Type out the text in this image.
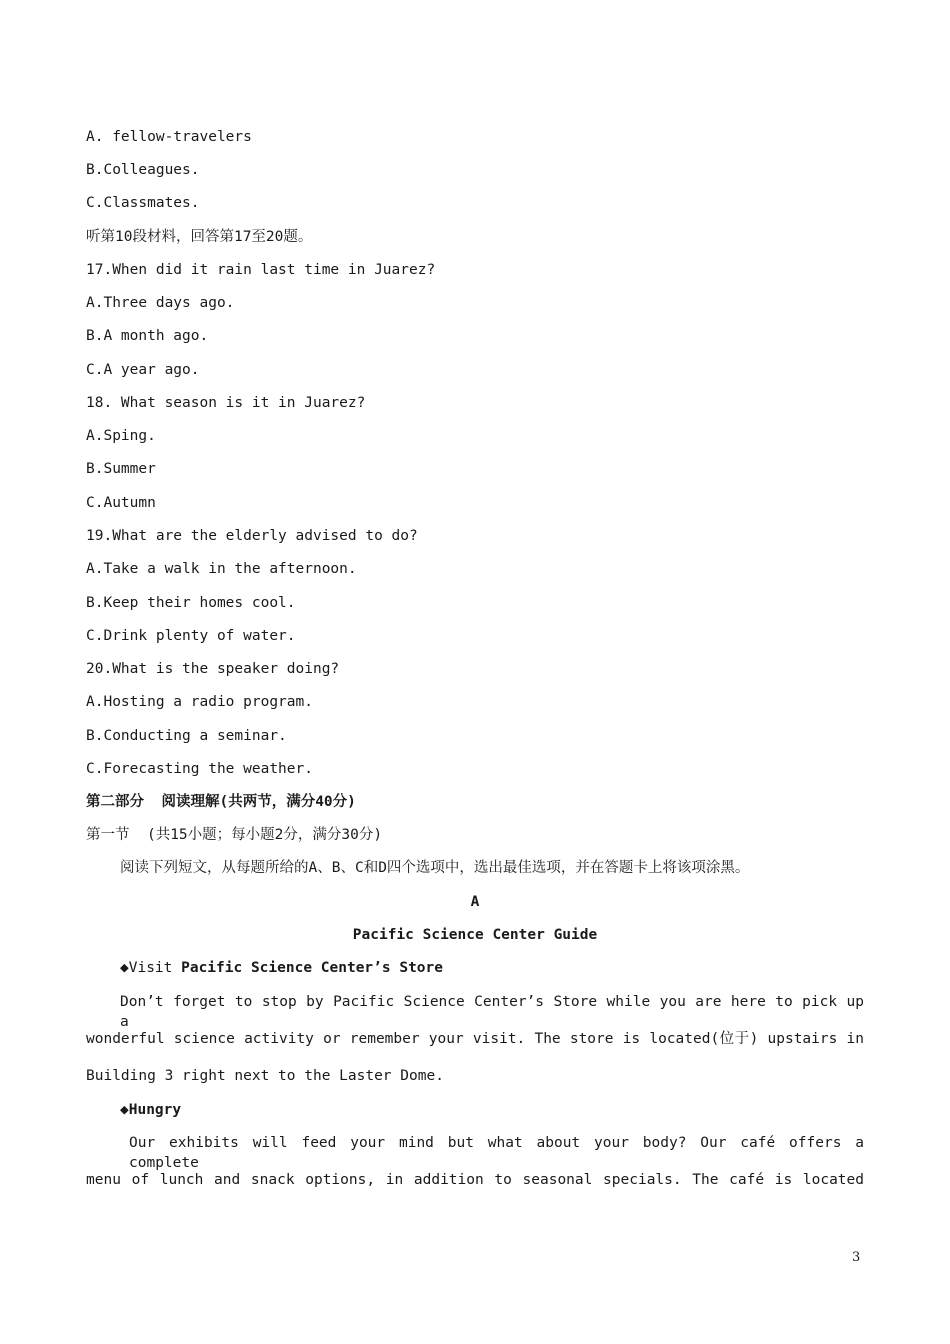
A. fellow-travelers
B.Colleagues.
C.Classmates.
听第10段材料，回答第17至20题。
17.When did it rain last time in Juarez?
A.Three days ago.
B.A month ago.
C.A year ago.
18. What season is it in Juarez?
A.Sping.
B.Summer
C.Autumn
19.What are the elderly advised to do?
A.Take a walk in the afternoon.
B.Keep their homes cool.
C.Drink plenty of water.
20.What is the speaker doing?
A.Hosting a radio program.
B.Conducting a seminar.
C.Forecasting the weather.
第二部分  阅读理解(共两节，满分40分)
第一节  (共15小题；每小题2分，满分30分)
阅读下列短文，从每题所给的A、B、C和D四个选项中，选出最佳选项，并在答题卡上将该项涂黑。
A
Pacific Science Center Guide
◆Visit Pacific Science Center’s Store
Don’t forget to stop by Pacific Science Center’s Store while you are here to pick up a
wonderful science activity or remember your visit. The store is located(位于) upstairs in
Building 3 right next to the Laster Dome.
◆Hungry
Our exhibits will feed your mind but what about your body? Our café offers a complete
menu of lunch and snack options, in addition to seasonal specials. The café is located
3
